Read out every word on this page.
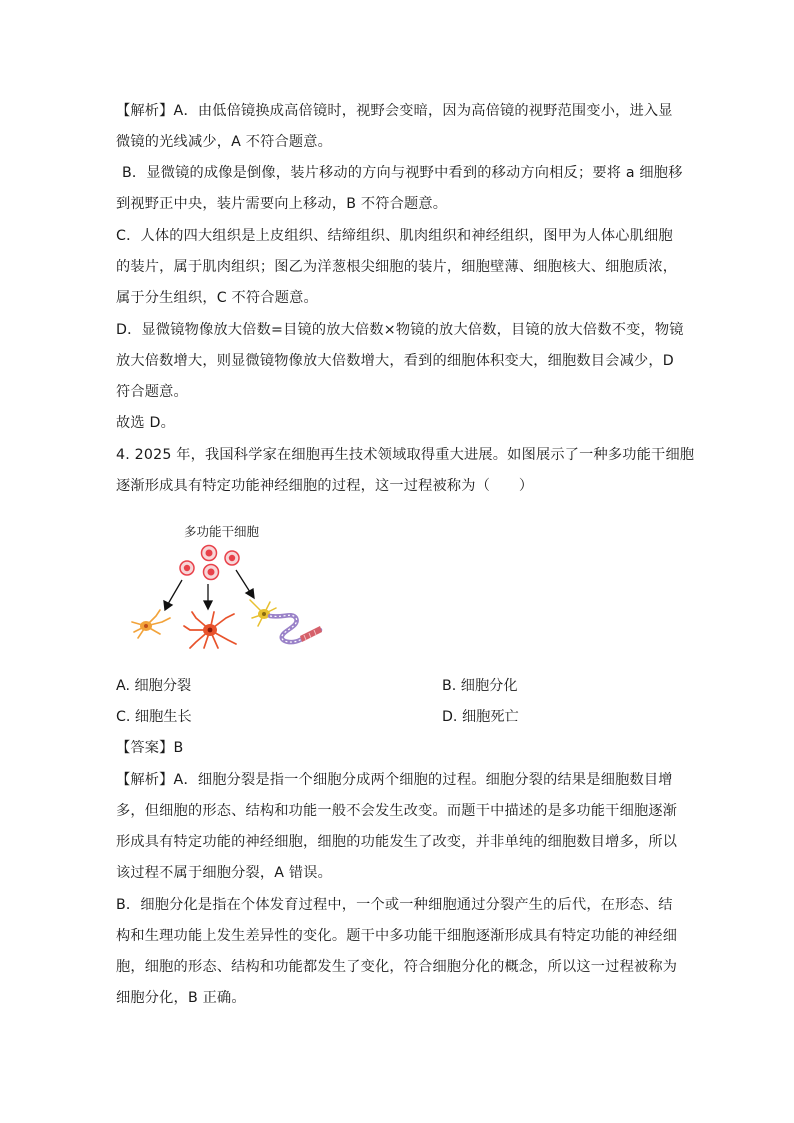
【解析】A．由低倍镜换成高倍镜时，视野会变暗，因为高倍镜的视野范围变小，进入显
微镜的光线减少，A 不符合题意。
B．显微镜的成像是倒像，装片移动的方向与视野中看到的移动方向相反；要将 a 细胞移
到视野正中央，装片需要向上移动，B 不符合题意。
C．人体的四大组织是上皮组织、结缔组织、肌肉组织和神经组织，图甲为人体心肌细胞
的装片，属于肌肉组织；图乙为洋葱根尖细胞的装片，细胞壁薄、细胞核大、细胞质浓，
属于分生组织，C 不符合题意。
D．显微镜物像放大倍数=目镜的放大倍数×物镜的放大倍数，目镜的放大倍数不变，物镜
放大倍数增大，则显微镜物像放大倍数增大，看到的细胞体积变大，细胞数目会减少，D
符合题意。
故选 D。
4. 2025 年，我国科学家在细胞再生技术领域取得重大进展。如图展示了一种多功能干细胞
逐渐形成具有特定功能神经细胞的过程，这一过程被称为（　　）
多功能干细胞
A. 细胞分裂	B. 细胞分化
C. 细胞生长	D. 细胞死亡
【答案】B
【解析】A．细胞分裂是指一个细胞分成两个细胞的过程。细胞分裂的结果是细胞数目增
多，但细胞的形态、结构和功能一般不会发生改变。而题干中描述的是多功能干细胞逐渐
形成具有特定功能的神经细胞，细胞的功能发生了改变，并非单纯的细胞数目增多，所以
该过程不属于细胞分裂，A 错误。
B．细胞分化是指在个体发育过程中，一个或一种细胞通过分裂产生的后代，在形态、结
构和生理功能上发生差异性的变化。题干中多功能干细胞逐渐形成具有特定功能的神经细
胞，细胞的形态、结构和功能都发生了变化，符合细胞分化的概念，所以这一过程被称为
细胞分化，B 正确。
